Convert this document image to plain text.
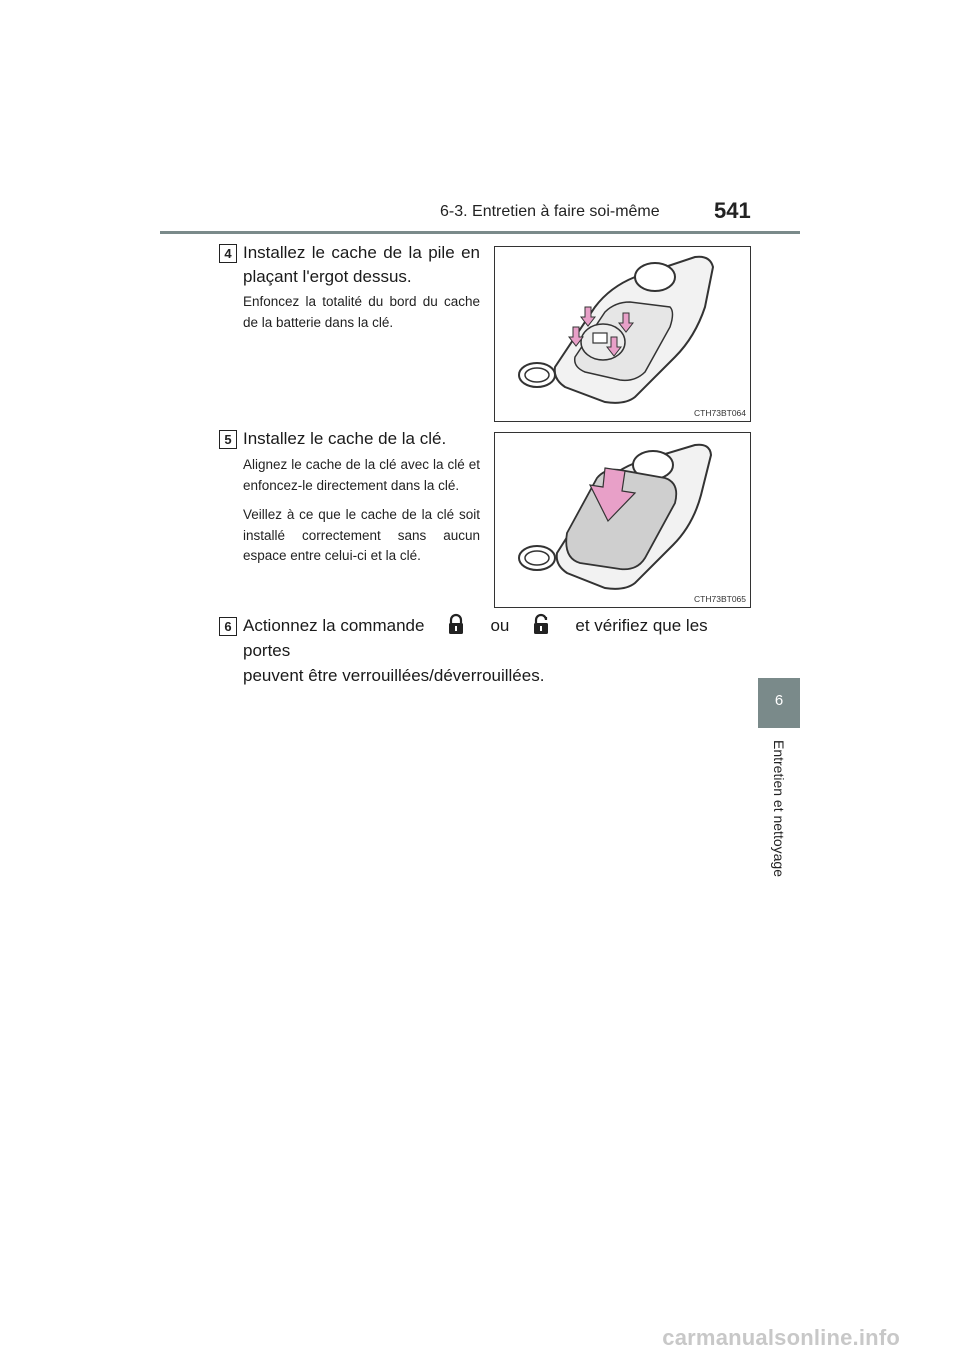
6-3. Entretien à faire soi-même 541
6
Entretien et nettoyage
4 Installez le cache de la pile en plaçant l'ergot dessus.

Enfoncez la totalité du bord du cache de la batterie dans la clé.

CTH73BT064
5 Installez le cache de la clé.

Alignez le cache de la clé avec la clé et enfoncez-le directement dans la clé.

Veillez à ce que le cache de la clé soit installé correctement sans aucun espace entre celui-ci et la clé.

CTH73BT065
6 Actionnez la commande	ou	et vérifiez que les portes
peuvent être verrouillées/déverrouillées.
carmanualsonline.info
